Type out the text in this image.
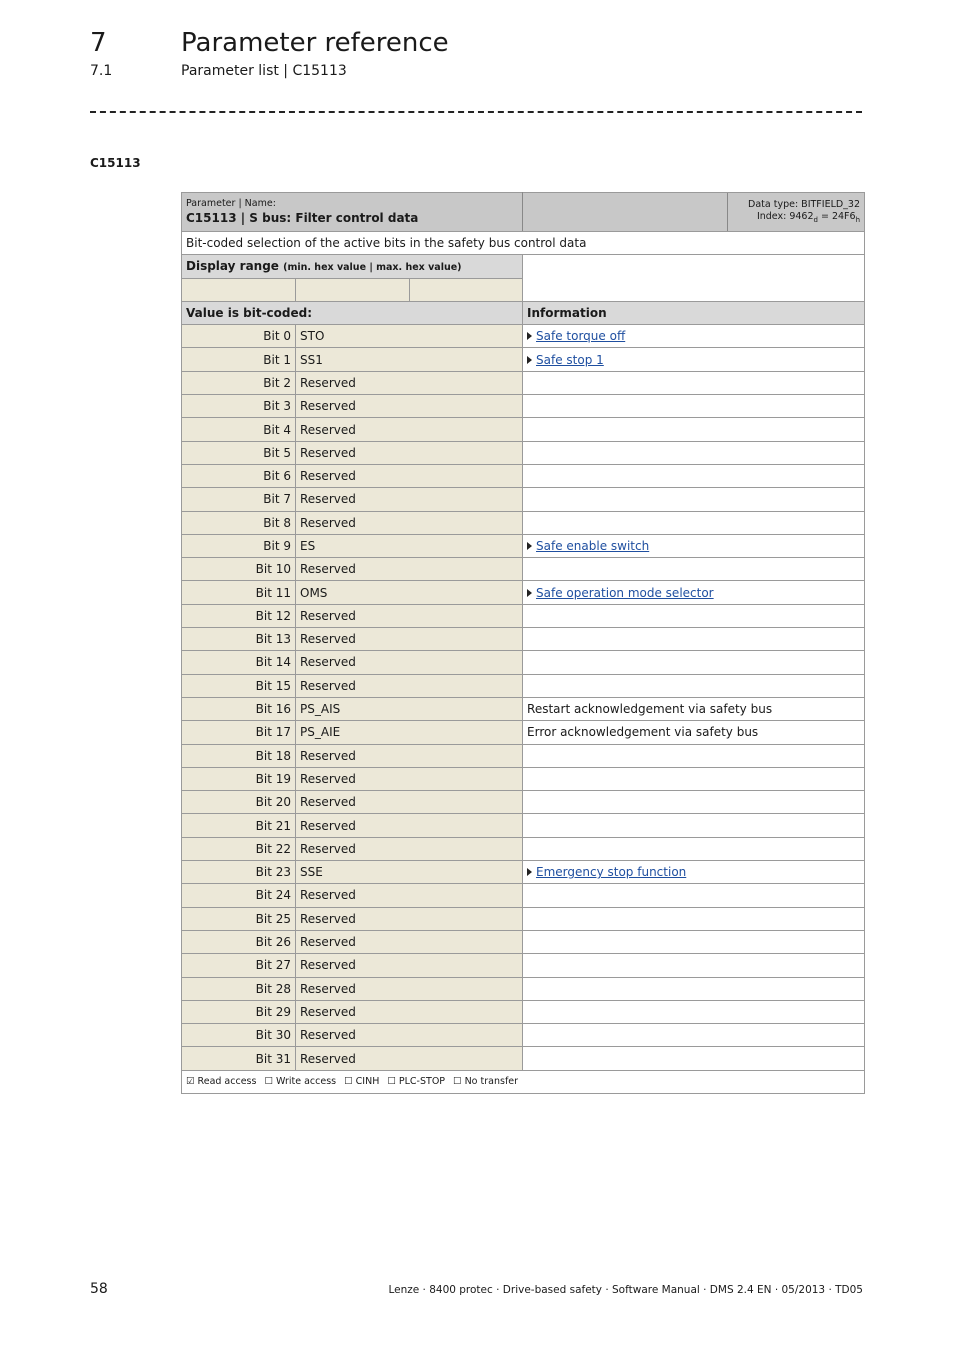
7	Parameter reference
7.1	Parameter list | C15113
C15113
Parameter | Name:
C15113 | S bus: Filter control data			Data type: BITFIELD_32
Index: $9462_d = 24F6_h$

Bit-coded selection of the active bits in the safety bus control data			
Display range (min. hex value | max. hex value)			

Value is bit-coded:			Information
Bit 0	STO		Safe torque off
Bit 1	SS1		Safe stop 1
Bit 2	Reserved		
Bit 3	Reserved		
Bit 4	Reserved		
Bit 5	Reserved		
Bit 6	Reserved		
Bit 7	Reserved		
Bit 8	Reserved		
Bit 9	ES		Safe enable switch
Bit 10	Reserved		
Bit 11	OMS		Safe operation mode selector
Bit 12	Reserved		
Bit 13	Reserved		
Bit 14	Reserved		
Bit 15	Reserved		
Bit 16	PS_AIS		Restart acknowledgement via safety bus
Bit 17	PS_AIE		Error acknowledgement via safety bus
Bit 18	Reserved		
Bit 19	Reserved		
Bit 20	Reserved		
Bit 21	Reserved		
Bit 22	Reserved		
Bit 23	SSE		Emergency stop function
Bit 24	Reserved		
Bit 25	Reserved		
Bit 26	Reserved		
Bit 27	Reserved		
Bit 28	Reserved		
Bit 29	Reserved		
Bit 30	Reserved		
Bit 31	Reserved		
☑ Read access ☐ Write access ☐ CINH ☐ PLC-STOP ☐ No transfer			
58	Lenze · 8400 protec · Drive-based safety · Software Manual · DMS 2.4 EN · 05/2013 · TD05
